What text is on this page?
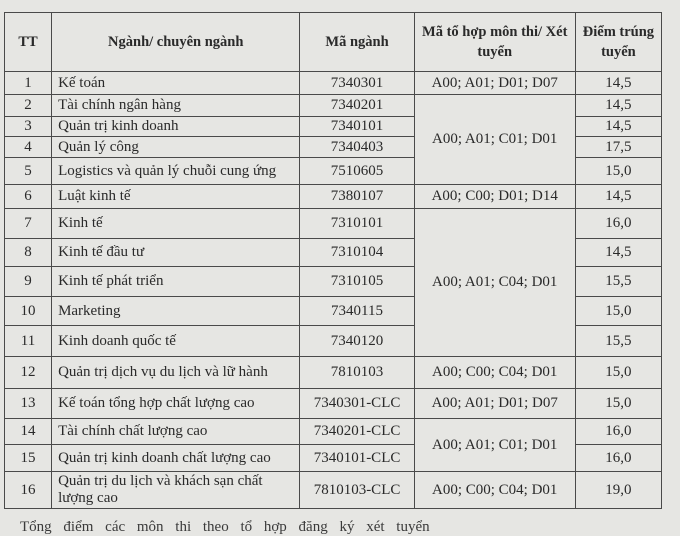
TT	Ngành/ chuyên ngành	Mã ngành	Mã tổ hợp môn thi/ Xét tuyển	Điểm trúng tuyển
1	Kế toán	7340301	A00; A01; D01; D07	14,5
2	Tài chính ngân hàng	7340201	A00; A01; C01; D01	14,5
3	Quản trị kinh doanh	7340101		14,5
4	Quản lý công	7340403		17,5
5	Logistics và quản lý chuỗi cung ứng	7510605		15,0
6	Luật kinh tế	7380107	A00; C00; D01; D14	14,5
7	Kinh tế	7310101	A00; A01; C04; D01	16,0
8	Kinh tế đầu tư	7310104		14,5
9	Kinh tế phát triển	7310105		15,5
10	Marketing	7340115		15,0
11	Kinh doanh quốc tế	7340120		15,5
12	Quản trị dịch vụ du lịch và lữ hành	7810103	A00; C00; C04; D01	15,0
13	Kế toán tổng hợp chất lượng cao	7340301-CLC	A00; A01; D01; D07	15,0
14	Tài chính chất lượng cao	7340201-CLC	A00; A01; C01; D01	16,0
15	Quản trị kinh doanh chất lượng cao	7340101-CLC		16,0
16	Quản trị du lịch và khách sạn chất lượng cao	7810103-CLC	A00; C00; C04; D01	19,0
Tổng điểm các môn thi theo tổ hợp đăng ký xét tuyển
